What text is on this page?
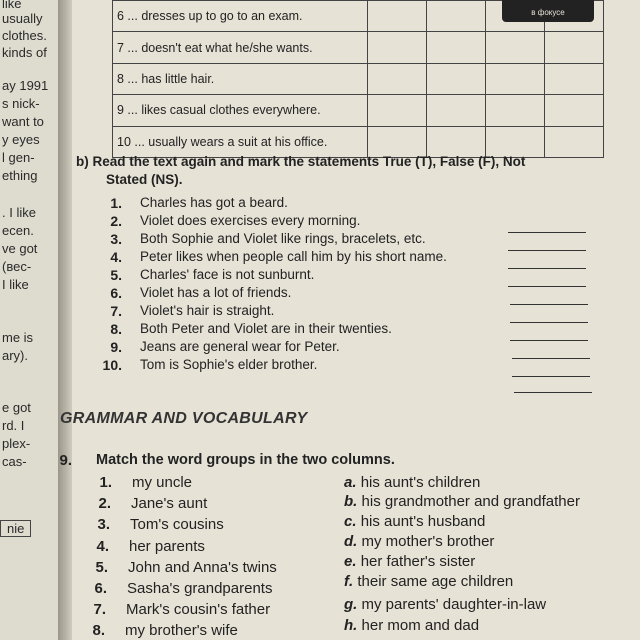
like
usually
clothes.
kinds of
ay 1991
s nick-
want to
y eyes
l gen-
ething
. I like
ecen.
ve got
(вес-
I like
me is
ary).
e got
rd. I
plex-
cas-
nie
6 ... dresses up to go to an exam.				
7 ... doesn't eat what he/she wants.				
8 ... has little hair.				
9 ... likes casual clothes everywhere.				
10 ... usually wears a suit at his office.				
в фокусе
b) Read the text again and mark the statements True (T), False (F), Not
Stated (NS).
1. Charles has got a beard.
2. Violet does exercises every morning.
3. Both Sophie and Violet like rings, bracelets, etc.
4. Peter likes when people call him by his short name.
5. Charles' face is not sunburnt.
6. Violet has a lot of friends.
7. Violet's hair is straight.
8. Both Peter and Violet are in their twenties.
9. Jeans are general wear for Peter.
10. Tom is Sophie's elder brother.
GRAMMAR AND VOCABULARY
9. Match the word groups in the two columns.
1. my uncle
2. Jane's aunt
3. Tom's cousins
4. her parents
5. John and Anna's twins
6. Sasha's grandparents
7. Mark's cousin's father
8. my brother's wife
a. his aunt's children
b. his grandmother and grandfather
c. his aunt's husband
d. my mother's brother
e. her father's sister
f. their same age children
g. my parents' daughter-in-law
h. her mom and dad
